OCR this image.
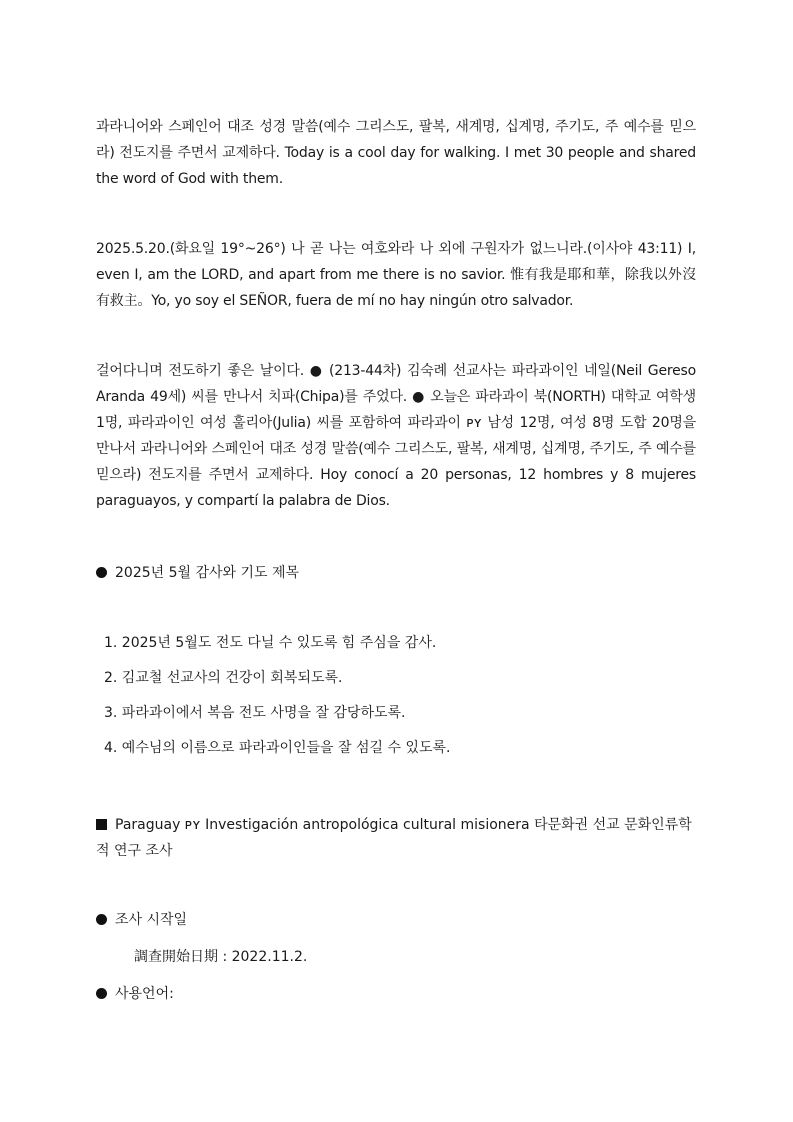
과라니어와 스페인어 대조 성경 말씀(예수 그리스도, 팔복, 새계명, 십계명, 주기도, 주 예수를 믿으라) 전도지를 주면서 교제하다. Today is a cool day for walking. I met 30 people and shared the word of God with them.

2025.5.20.(화요일 19°~26°) 나 곧 나는 여호와라 나 외에 구원자가 없느니라.(이사야 43:11) I, even I, am the LORD, and apart from me there is no savior. 惟有我是耶和華，除我以外沒有救主。Yo, yo soy el SEÑOR, fuera de mí no hay ningún otro salvador.

걸어다니며 전도하기 좋은 날이다. ● (213-44차) 김숙례 선교사는 파라과이인 네일(Neil Gereso Aranda 49세) 씨를 만나서 치파(Chipa)를 주었다. ● 오늘은 파라과이 북(NORTH) 대학교 여학생 1명, 파라과이인 여성 훌리아(Julia) 씨를 포함하여 파라과이 ᴘʏ 남성 12명, 여성 8명 도합 20명을 만나서 과라니어와 스페인어 대조 성경 말씀(예수 그리스도, 팔복, 새계명, 십계명, 주기도, 주 예수를 믿으라) 전도지를 주면서 교제하다. Hoy conocí a 20 personas, 12 hombres y 8 mujeres paraguayos, y compartí la palabra de Dios.

2025년 5월 감사와 기도 제목
1. 2025년 5월도 전도 다닐 수 있도록 힘 주심을 감사.
2. 김교철 선교사의 건강이 회복되도록.
3. 파라과이에서 복음 전도 사명을 잘 감당하도록.
4. 예수님의 이름으로 파라과이인들을 잘 섬길 수 있도록.
Paraguay ᴘʏ Investigación antropológica cultural misionera 타문화권 선교 문화인류학적 연구 조사
조사 시작일

調查開始日期 : 2022.11.2.

사용언어:
